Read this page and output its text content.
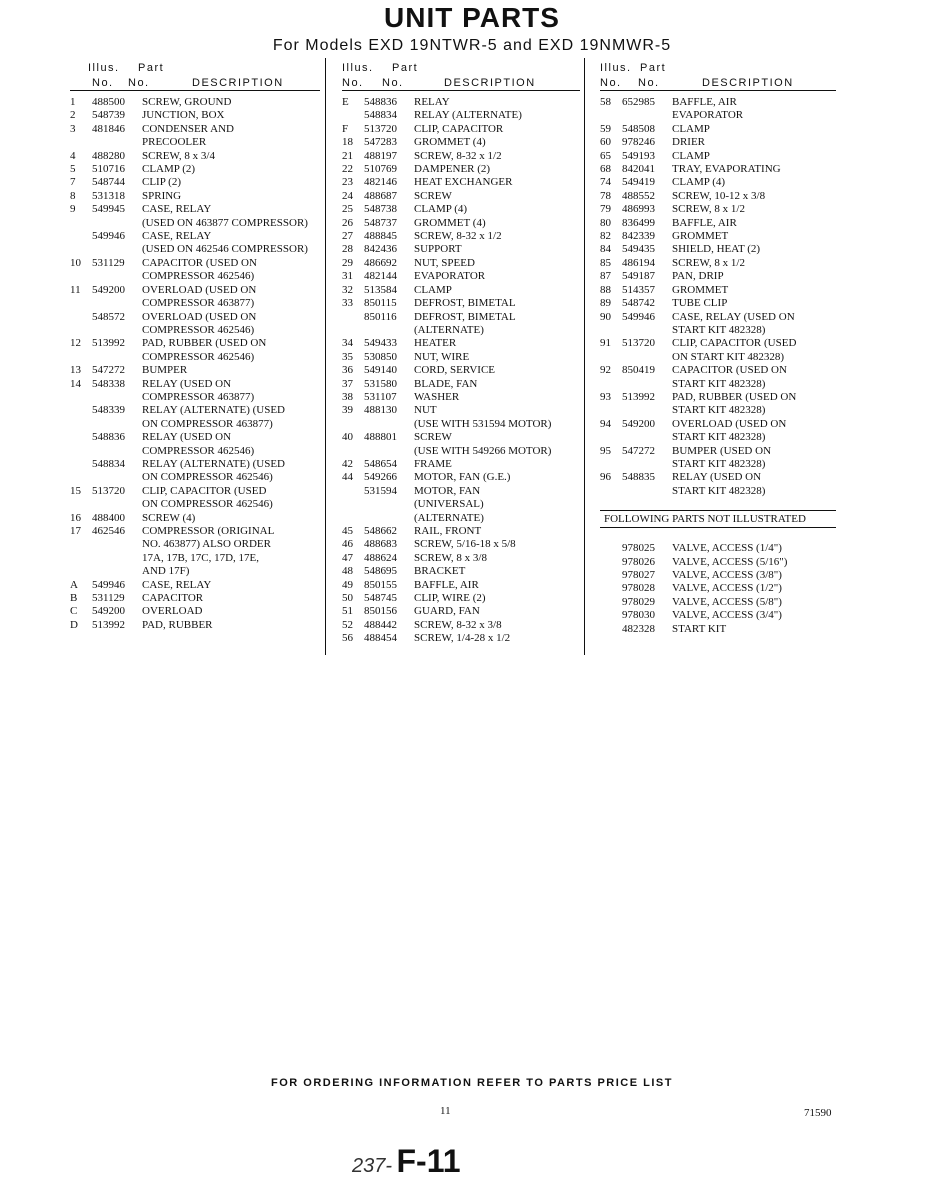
UNIT PARTS
For Models EXD 19NTWR-5 and EXD 19NMWR-5
Illus. Part
No. No.	DESCRIPTION
1	488500	SCREW, GROUND
2	548739	JUNCTION, BOX
3	481846	CONDENSER AND
PRECOOLER
4	488280	SCREW, 8 x 3/4
5	510716	CLAMP (2)
7	548744	CLIP (2)
8	531318	SPRING
9	549945	CASE, RELAY
(USED ON 463877 COMPRESSOR)
549946	CASE, RELAY
(USED ON 462546 COMPRESSOR)
10	531129	CAPACITOR (USED ON
COMPRESSOR 462546)
11	549200	OVERLOAD (USED ON
COMPRESSOR 463877)
548572	OVERLOAD (USED ON
COMPRESSOR 462546)
12	513992	PAD, RUBBER (USED ON
COMPRESSOR 462546)
13	547272	BUMPER
14	548338	RELAY (USED ON
COMPRESSOR 463877)
548339	RELAY (ALTERNATE) (USED
ON COMPRESSOR 463877)
548836	RELAY (USED ON
COMPRESSOR 462546)
548834	RELAY (ALTERNATE) (USED
ON COMPRESSOR 462546)
15	513720	CLIP, CAPACITOR (USED
ON COMPRESSOR 462546)
16	488400	SCREW (4)
17	462546	COMPRESSOR (ORIGINAL
NO. 463877) ALSO ORDER
17A, 17B, 17C, 17D, 17E,
AND 17F)
A	549946	CASE, RELAY
B	531129	CAPACITOR
C	549200	OVERLOAD
D	513992	PAD, RUBBER
Illus. Part
No. No.	DESCRIPTION
E	548836	RELAY
548834	RELAY (ALTERNATE)
F	513720	CLIP, CAPACITOR
18	547283	GROMMET (4)
21	488197	SCREW, 8-32 x 1/2
22	510769	DAMPENER (2)
23	482146	HEAT EXCHANGER
24	488687	SCREW
25	548738	CLAMP (4)
26	548737	GROMMET (4)
27	488845	SCREW, 8-32 x 1/2
28	842436	SUPPORT
29	486692	NUT, SPEED
31	482144	EVAPORATOR
32	513584	CLAMP
33	850115	DEFROST, BIMETAL
850116	DEFROST, BIMETAL
(ALTERNATE)
34	549433	HEATER
35	530850	NUT, WIRE
36	549140	CORD, SERVICE
37	531580	BLADE, FAN
38	531107	WASHER
39	488130	NUT
(USE WITH 531594 MOTOR)
40	488801	SCREW
(USE WITH 549266 MOTOR)
42	548654	FRAME
44	549266	MOTOR, FAN (G.E.)
531594	MOTOR, FAN
(UNIVERSAL)
(ALTERNATE)
45	548662	RAIL, FRONT
46	488683	SCREW, 5/16-18 x 5/8
47	488624	SCREW, 8 x 3/8
48	548695	BRACKET
49	850155	BAFFLE, AIR
50	548745	CLIP, WIRE (2)
51	850156	GUARD, FAN
52	488442	SCREW, 8-32 x 3/8
56	488454	SCREW, 1/4-28 x 1/2
Illus. Part
No. No.	DESCRIPTION
58	652985	BAFFLE, AIR
EVAPORATOR
59	548508	CLAMP
60	978246	DRIER
65	549193	CLAMP
68	842041	TRAY, EVAPORATING
74	549419	CLAMP (4)
78	488552	SCREW, 10-12 x 3/8
79	486993	SCREW, 8 x 1/2
80	836499	BAFFLE, AIR
82	842339	GROMMET
84	549435	SHIELD, HEAT (2)
85	486194	SCREW, 8 x 1/2
87	549187	PAN, DRIP
88	514357	GROMMET
89	548742	TUBE CLIP
90	549946	CASE, RELAY (USED ON
START KIT 482328)
91	513720	CLIP, CAPACITOR (USED
ON START KIT 482328)
92	850419	CAPACITOR (USED ON
START KIT 482328)
93	513992	PAD, RUBBER (USED ON
START KIT 482328)
94	549200	OVERLOAD (USED ON
START KIT 482328)
95	547272	BUMPER (USED ON
START KIT 482328)
96	548835	RELAY (USED ON
START KIT 482328)
FOLLOWING PARTS NOT ILLUSTRATED
978025	VALVE, ACCESS (1/4")
978026	VALVE, ACCESS (5/16")
978027	VALVE, ACCESS (3/8")
978028	VALVE, ACCESS (1/2")
978029	VALVE, ACCESS (5/8")
978030	VALVE, ACCESS (3/4")
482328	START KIT
FOR ORDERING INFORMATION REFER TO PARTS PRICE LIST
11	71590
237- F-11
